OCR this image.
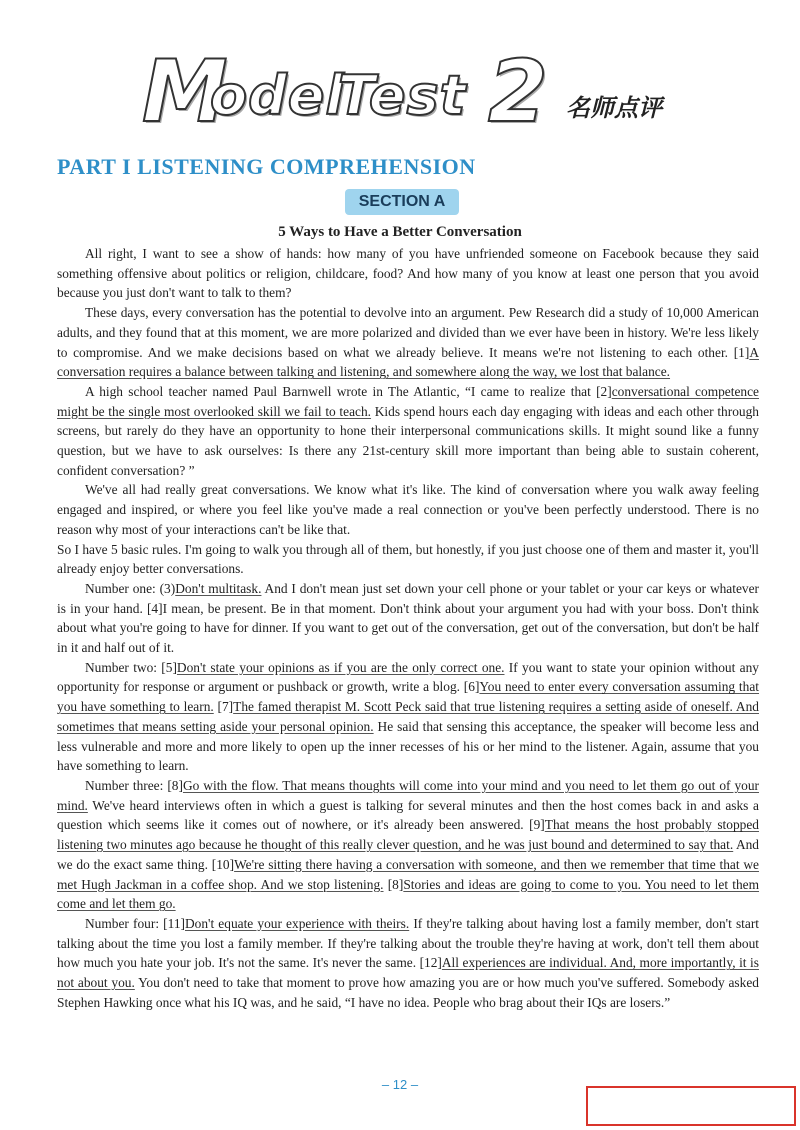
M
odel
Test 2 名师点评
PART I LISTENING COMPREHENSION
SECTION A
5 Ways to Have a Better Conversation

All right, I want to see a show of hands: how many of you have unfriended someone on Facebook because they said something offensive about politics or religion, childcare, food? And how many of you know at least one person that you avoid because you just don't want to talk to them?

These days, every conversation has the potential to devolve into an argument. Pew Research did a study of 10,000 American adults, and they found that at this moment, we are more polarized and divided than we ever have been in history. We're less likely to compromise. And we make decisions based on what we already believe. It means we're not listening to each other. [1]A conversation requires a balance between talking and listening, and somewhere along the way, we lost that balance.

A high school teacher named Paul Barnwell wrote in The Atlantic, “I came to realize that [2]conversational competence might be the single most overlooked skill we fail to teach. Kids spend hours each day engaging with ideas and each other through screens, but rarely do they have an opportunity to hone their interpersonal communications skills. It might sound like a funny question, but we have to ask ourselves: Is there any 21st-century skill more important than being able to sustain coherent, confident conversation? ”

We've all had really great conversations. We know what it's like. The kind of conversation where you walk away feeling engaged and inspired, or where you feel like you've made a real connection or you've been perfectly understood. There is no reason why most of your interactions can't be like that.

So I have 5 basic rules. I'm going to walk you through all of them, but honestly, if you just choose one of them and master it, you'll already enjoy better conversations.

Number one: (3)Don't multitask. And I don't mean just set down your cell phone or your tablet or your car keys or whatever is in your hand. [4]I mean, be present. Be in that moment. Don't think about your argument you had with your boss. Don't think about what you're going to have for dinner. If you want to get out of the conversation, get out of the conversation, but don't be half in it and half out of it.

Number two: [5]Don't state your opinions as if you are the only correct one. If you want to state your opinion without any opportunity for response or argument or pushback or growth, write a blog. [6]You need to enter every conversation assuming that you have something to learn. [7]The famed therapist M. Scott Peck said that true listening requires a setting aside of oneself. And sometimes that means setting aside your personal opinion. He said that sensing this acceptance, the speaker will become less and less vulnerable and more and more likely to open up the inner recesses of his or her mind to the listener. Again, assume that you have something to learn.

Number three: [8]Go with the flow. That means thoughts will come into your mind and you need to let them go out of your mind. We've heard interviews often in which a guest is talking for several minutes and then the host comes back in and asks a question which seems like it comes out of nowhere, or it's already been answered. [9]That means the host probably stopped listening two minutes ago because he thought of this really clever question, and he was just bound and determined to say that. And we do the exact same thing. [10]We're sitting there having a conversation with someone, and then we remember that time that we met Hugh Jackman in a coffee shop. And we stop listening. [8]Stories and ideas are going to come to you. You need to let them come and let them go.

Number four: [11]Don't equate your experience with theirs. If they're talking about having lost a family member, don't start talking about the time you lost a family member. If they're talking about the trouble they're having at work, don't tell them about how much you hate your job. It's not the same. It's never the same. [12]All experiences are individual. And, more importantly, it is not about you. You don't need to take that moment to prove how amazing you are or how much you've suffered. Somebody asked Stephen Hawking once what his IQ was, and he said, “I have no idea. People who brag about their IQs are losers.”

– 12 –
